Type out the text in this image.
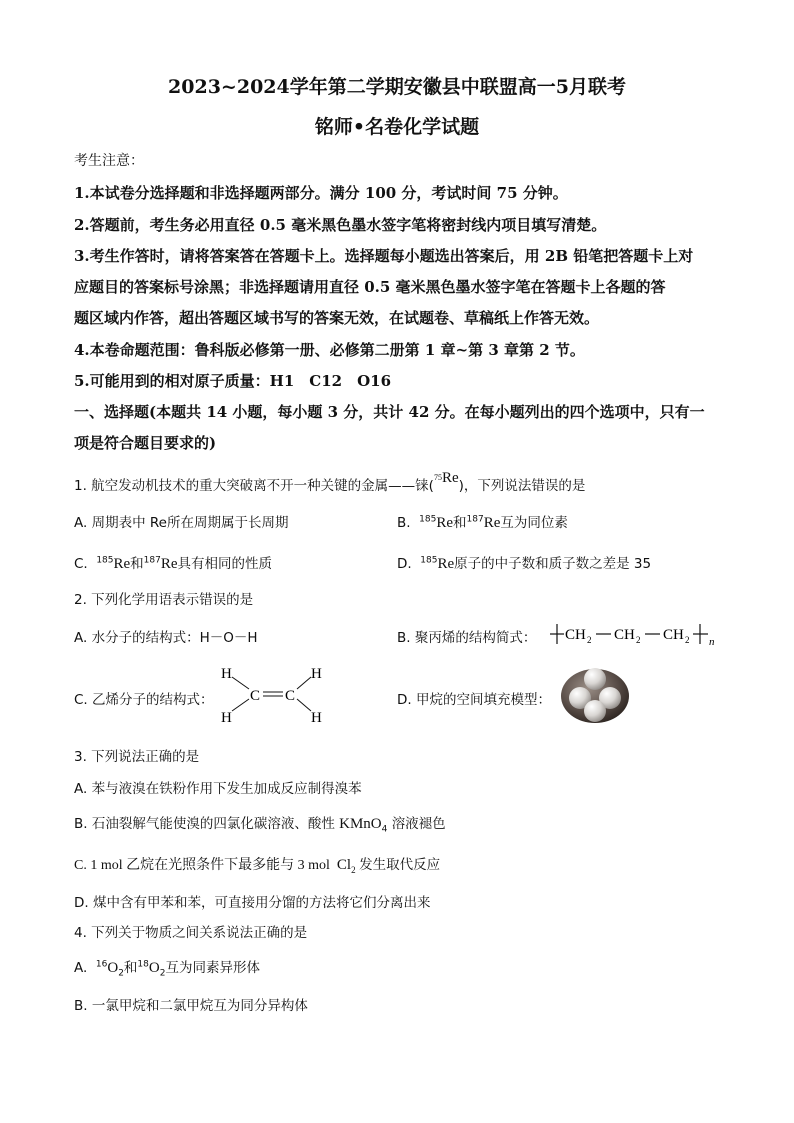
2023~2024学年第二学期安徽县中联盟高一5月联考
铭师•名卷化学试题
考生注意：
1.本试卷分选择题和非选择题两部分。满分 100 分，考试时间 75 分钟。
2.答题前，考生务必用直径 0.5 毫米黑色墨水签字笔将密封线内项目填写清楚。
3.考生作答时，请将答案答在答题卡上。选择题每小题选出答案后，用 2B 铅笔把答题卡上对
应题目的答案标号涂黑；非选择题请用直径 0.5 毫米黑色墨水签字笔在答题卡上各题的答
题区域内作答，超出答题区域书写的答案无效，在试题卷、草稿纸上作答无效。
4.本卷命题范围：鲁科版必修第一册、必修第二册第 1 章~第 3 章第 2 节。
5.可能用到的相对原子质量：H1　C12　O16
一、选择题(本题共 14 小题，每小题 3 分，共计 42 分。在每小题列出的四个选项中，只有一
项是符合题目要求的)
1. 航空发动机技术的重大突破离不开一种关键的金属——铼($^{75}$Re)，下列说法错误的是
A. 周期表中 Re所在周期属于长周期	B. $^{185}$Re和$^{187}$Re互为同位素
C. $^{185}$Re和$^{187}$Re具有相同的性质	D. $^{185}$Re原子的中子数和质子数之差是 35
2. 下列化学用语表示错误的是
A. 水分子的结构式：H－O－H	B. 聚丙烯的结构简式： CH 2 CH 2 CH 2 n
C. 乙烯分子的结构式：
H	H
H	H
C C	D. 甲烷的空间填充模型：
3. 下列说法正确的是
A. 苯与液溴在铁粉作用下发生加成反应制得溴苯
B. 石油裂解气能使溴的四氯化碳溶液、酸性 KMnO$_4$ 溶液褪色
C. 1 mol 乙烷在光照条件下最多能与 3 mol $Cl_2$ 发生取代反应
D. 煤中含有甲苯和苯，可直接用分馏的方法将它们分离出来
4. 下列关于物质之间关系说法正确的是
A. $^{16}O_2$和$^{18}O_2$互为同素异形体
B. 一氯甲烷和二氯甲烷互为同分异构体
